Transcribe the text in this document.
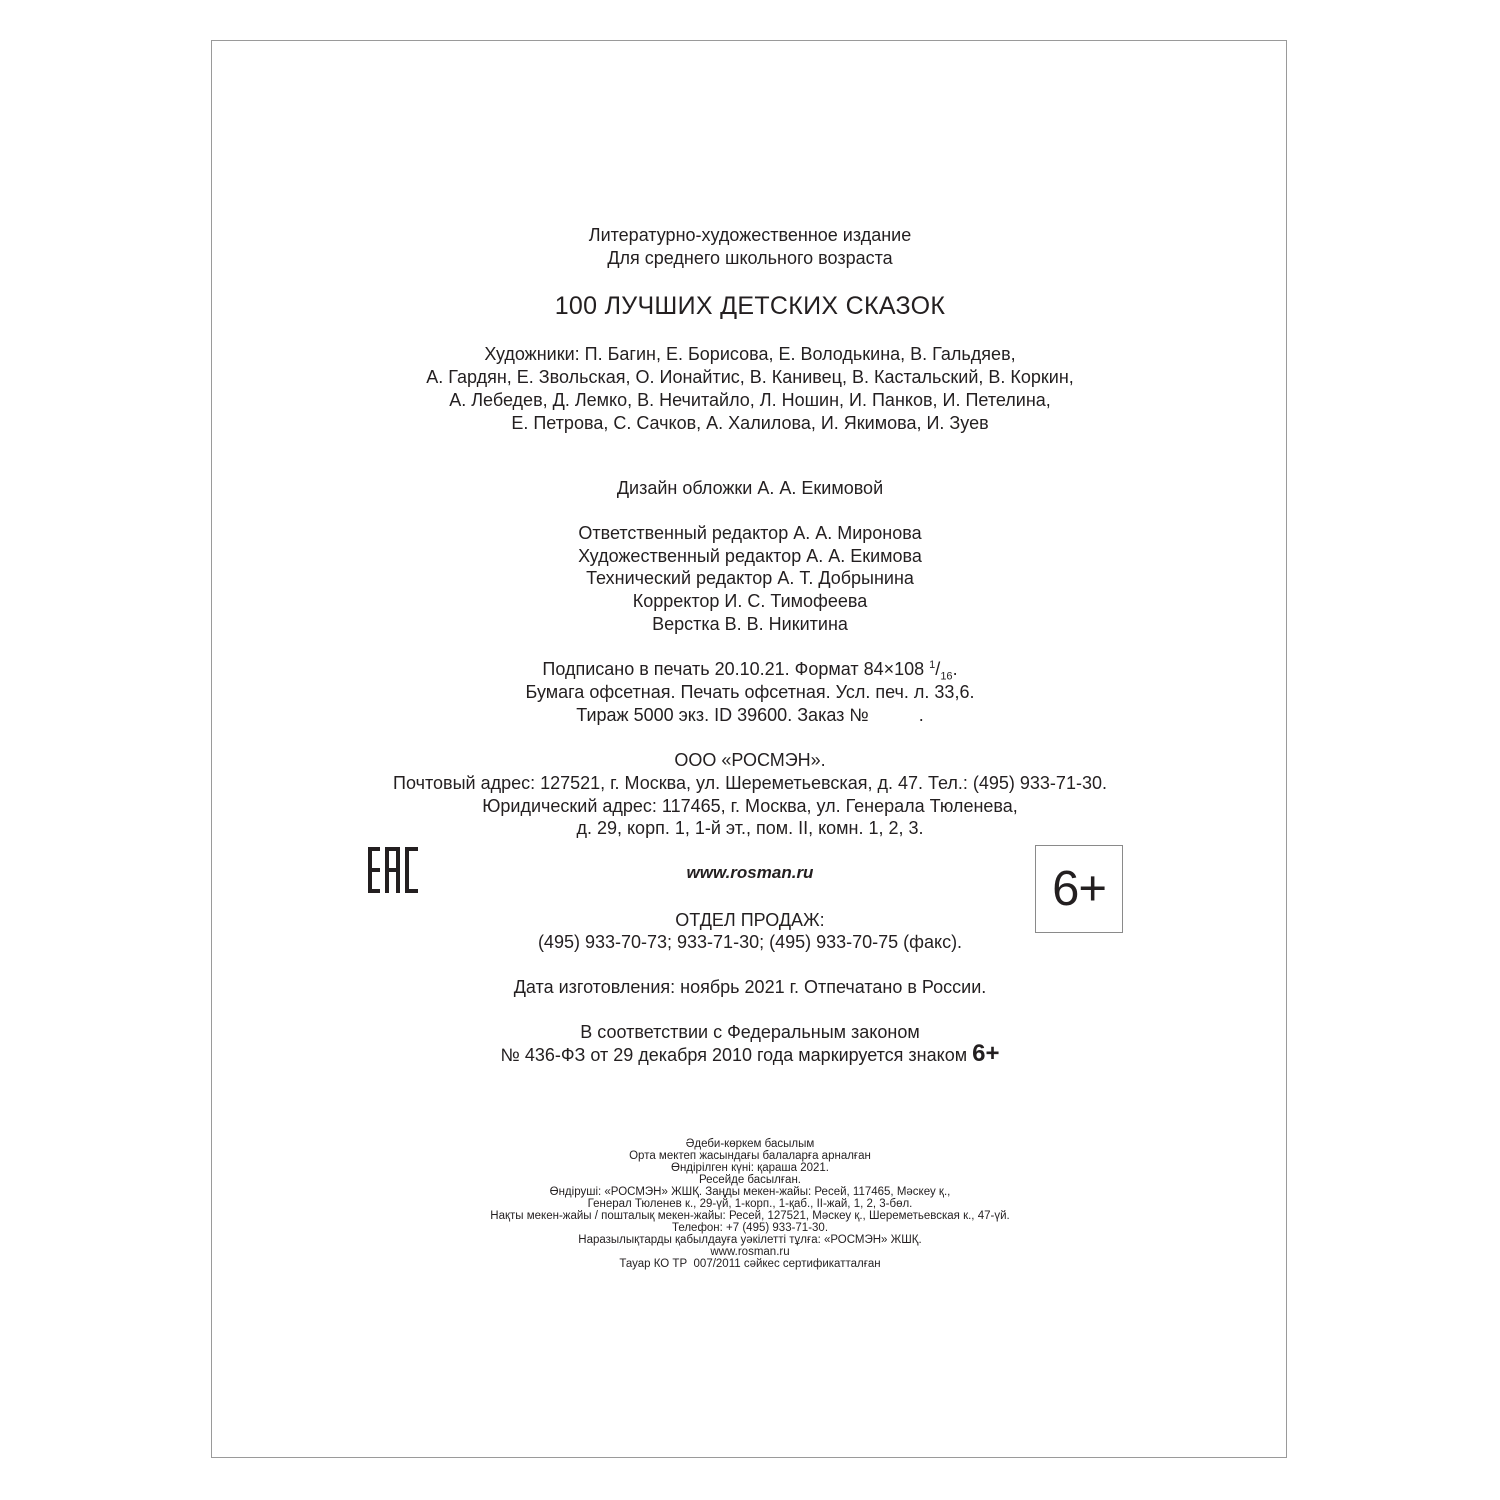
Литературно-художественное издание
Для среднего школьного возраста
100 ЛУЧШИХ ДЕТСКИХ СКАЗОК
Художники: П. Багин, Е. Борисова, Е. Володькина, В. Гальдяев,
А. Гардян, Е. Звольская, О. Ионайтис, В. Канивец, В. Кастальский, В. Коркин,
А. Лебедев, Д. Лемко, В. Нечитайло, Л. Ношин, И. Панков, И. Петелина,
Е. Петрова, С. Сачков, А. Халилова, И. Якимова, И. Зуев
Дизайн обложки А. А. Екимовой
Ответственный редактор А. А. Миронова
Художественный редактор А. А. Екимова
Технический редактор А. Т. Добрынина
Корректор И. С. Тимофеева
Верстка В. В. Никитина
Подписано в печать 20.10.21. Формат 84×108 $^1/_{16}$.
Бумага офсетная. Печать офсетная. Усл. печ. л. 33,6.
Тираж 5000 экз. ID 39600. Заказ №          .
ООО «РОСМЭН».
Почтовый адрес: 127521, г. Москва, ул. Шереметьевская, д. 47. Тел.: (495) 933-71-30.
Юридический адрес: 117465, г. Москва, ул. Генерала Тюленева,
д. 29, корп. 1, 1-й эт., пом. II, комн. 1, 2, 3.
www.rosman.ru	6+
ОТДЕЛ ПРОДАЖ:
(495) 933-70-73; 933-71-30; (495) 933-70-75 (факс).
Дата изготовления: ноябрь 2021 г. Отпечатано в России.
В соответствии с Федеральным законом
№ 436-ФЗ от 29 декабря 2010 года маркируется знаком 6+
Әдеби-көркем басылым
Орта мектеп жасындағы балаларға арналған
Өндірілген күні: қараша 2021.
Ресейде басылған.
Өндіруші: «РОСМЭН» ЖШҚ. Заңды мекен-жайы: Ресей, 117465, Мәскеу қ.,
Генерал Тюленев к., 29-үй, 1-корп., 1-қаб., II-жай, 1, 2, 3-бөл.
Нақты мекен-жайы / пошталық мекен-жайы: Ресей, 127521, Мәскеу қ., Шереметьевская к., 47-үй.
Телефон: +7 (495) 933-71-30.
Наразылықтарды қабылдауға уәкілетті тұлға: «РОСМЭН» ЖШҚ.
www.rosman.ru
Тауар КО ТР  007/2011 сәйкес сертификатталған
